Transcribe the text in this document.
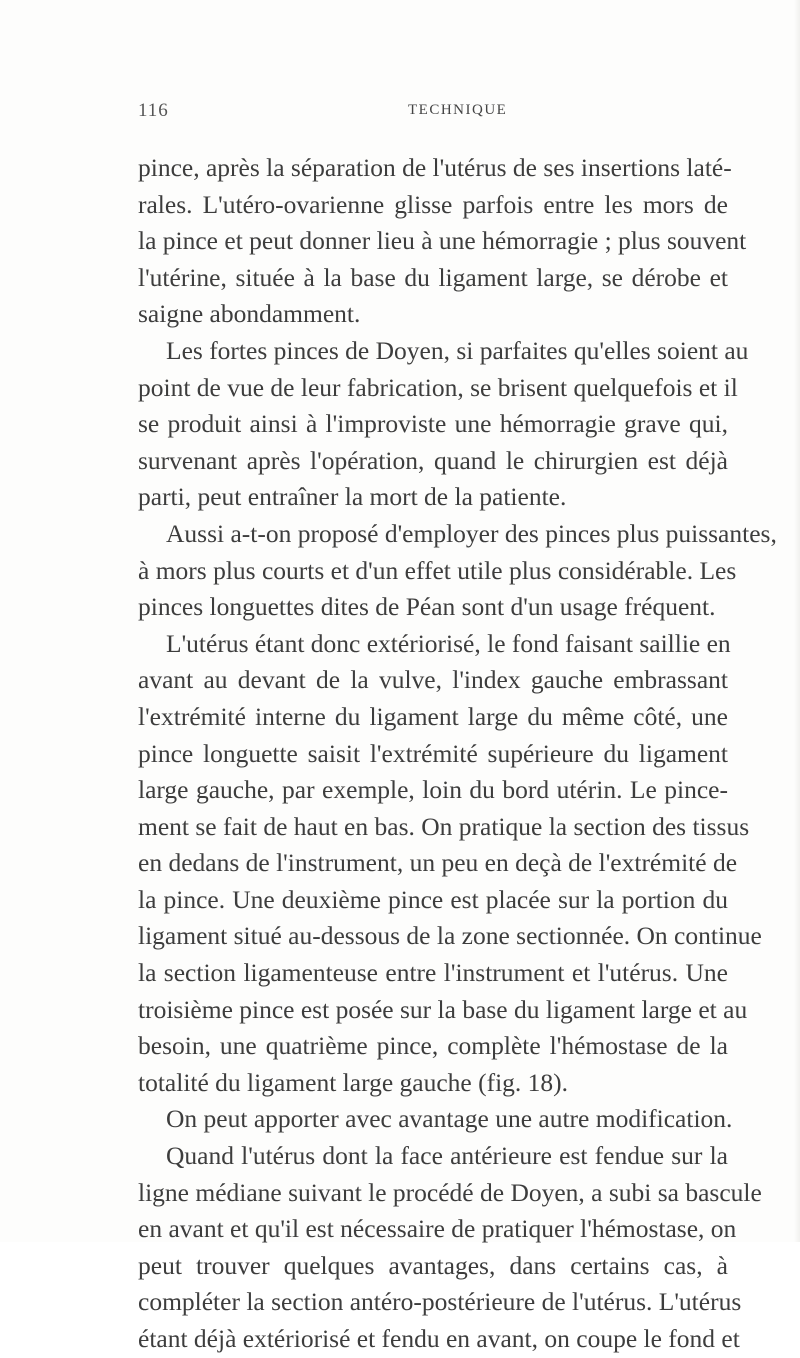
116	TECHNIQUE
pince, après la séparation de l'utérus de ses insertions laté-
rales. L'utéro-ovarienne glisse parfois entre les mors de
la pince et peut donner lieu à une hémorragie ; plus souvent
l'utérine, située à la base du ligament large, se dérobe et
saigne abondamment.
Les fortes pinces de Doyen, si parfaites qu'elles soient au
point de vue de leur fabrication, se brisent quelquefois et il
se produit ainsi à l'improviste une hémorragie grave qui,
survenant après l'opération, quand le chirurgien est déjà
parti, peut entraîner la mort de la patiente.
Aussi a-t-on proposé d'employer des pinces plus puissantes,
à mors plus courts et d'un effet utile plus considérable. Les
pinces longuettes dites de Péan sont d'un usage fréquent.
L'utérus étant donc extériorisé, le fond faisant saillie en
avant au devant de la vulve, l'index gauche embrassant
l'extrémité interne du ligament large du même côté, une
pince longuette saisit l'extrémité supérieure du ligament
large gauche, par exemple, loin du bord utérin. Le pince-
ment se fait de haut en bas. On pratique la section des tissus
en dedans de l'instrument, un peu en deçà de l'extrémité de
la pince. Une deuxième pince est placée sur la portion du
ligament situé au-dessous de la zone sectionnée. On continue
la section ligamenteuse entre l'instrument et l'utérus. Une
troisième pince est posée sur la base du ligament large et au
besoin, une quatrième pince, complète l'hémostase de la
totalité du ligament large gauche (fig. 18).
On peut apporter avec avantage une autre modification.
Quand l'utérus dont la face antérieure est fendue sur la
ligne médiane suivant le procédé de Doyen, a subi sa bascule
en avant et qu'il est nécessaire de pratiquer l'hémostase, on
peut trouver quelques avantages, dans certains cas, à
compléter la section antéro-postérieure de l'utérus. L'utérus
étant déjà extériorisé et fendu en avant, on coupe le fond et
